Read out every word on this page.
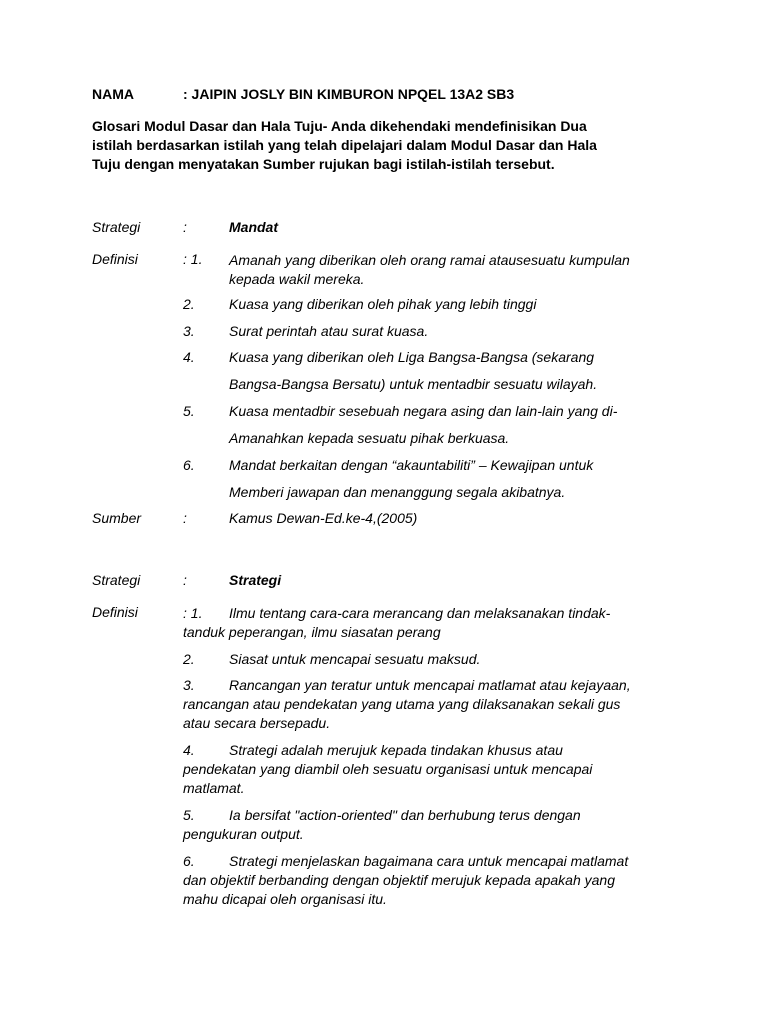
NAMA	: JAIPIN JOSLY BIN KIMBURON NPQEL 13A2 SB3
Glosari Modul Dasar dan Hala Tuju- Anda dikehendaki mendefinisikan Dua
istilah berdasarkan istilah yang telah dipelajari dalam Modul Dasar dan Hala
Tuju dengan menyatakan Sumber rujukan bagi istilah-istilah tersebut.
Strategi	:	Mandat
Definisi	: 1. Amanah yang diberikan oleh orang ramai atausesuatu kumpulan
kepada wakil mereka.
2. Kuasa yang diberikan oleh pihak yang lebih tinggi
3. Surat perintah atau surat kuasa.
4. Kuasa yang diberikan oleh Liga Bangsa-Bangsa (sekarang
Bangsa-Bangsa Bersatu) untuk mentadbir sesuatu wilayah.
5. Kuasa mentadbir sesebuah negara asing dan lain-lain yang di-
Amanahkan kepada sesuatu pihak berkuasa.
6. Mandat berkaitan dengan “akauntabiliti” – Kewajipan untuk
Memberi jawapan dan menanggung segala akibatnya.
Sumber	:	Kamus Dewan-Ed.ke-4,(2005)
Strategi	:	Strategi
Definisi	: 1. Ilmu tentang cara-cara merancang dan melaksanakan tindak-
tanduk peperangan, ilmu siasatan perang
2. Siasat untuk mencapai sesuatu maksud.
3. Rancangan yan teratur untuk mencapai matlamat atau kejayaan,
rancangan atau pendekatan yang utama yang dilaksanakan sekali gus
atau secara bersepadu.
4. Strategi adalah merujuk kepada tindakan khusus atau
pendekatan yang diambil oleh sesuatu organisasi untuk mencapai
matlamat.
5. Ia bersifat "action-oriented" dan berhubung terus dengan
pengukuran output.
6. Strategi menjelaskan bagaimana cara untuk mencapai matlamat
dan objektif berbanding dengan objektif merujuk kepada apakah yang
mahu dicapai oleh organisasi itu.
